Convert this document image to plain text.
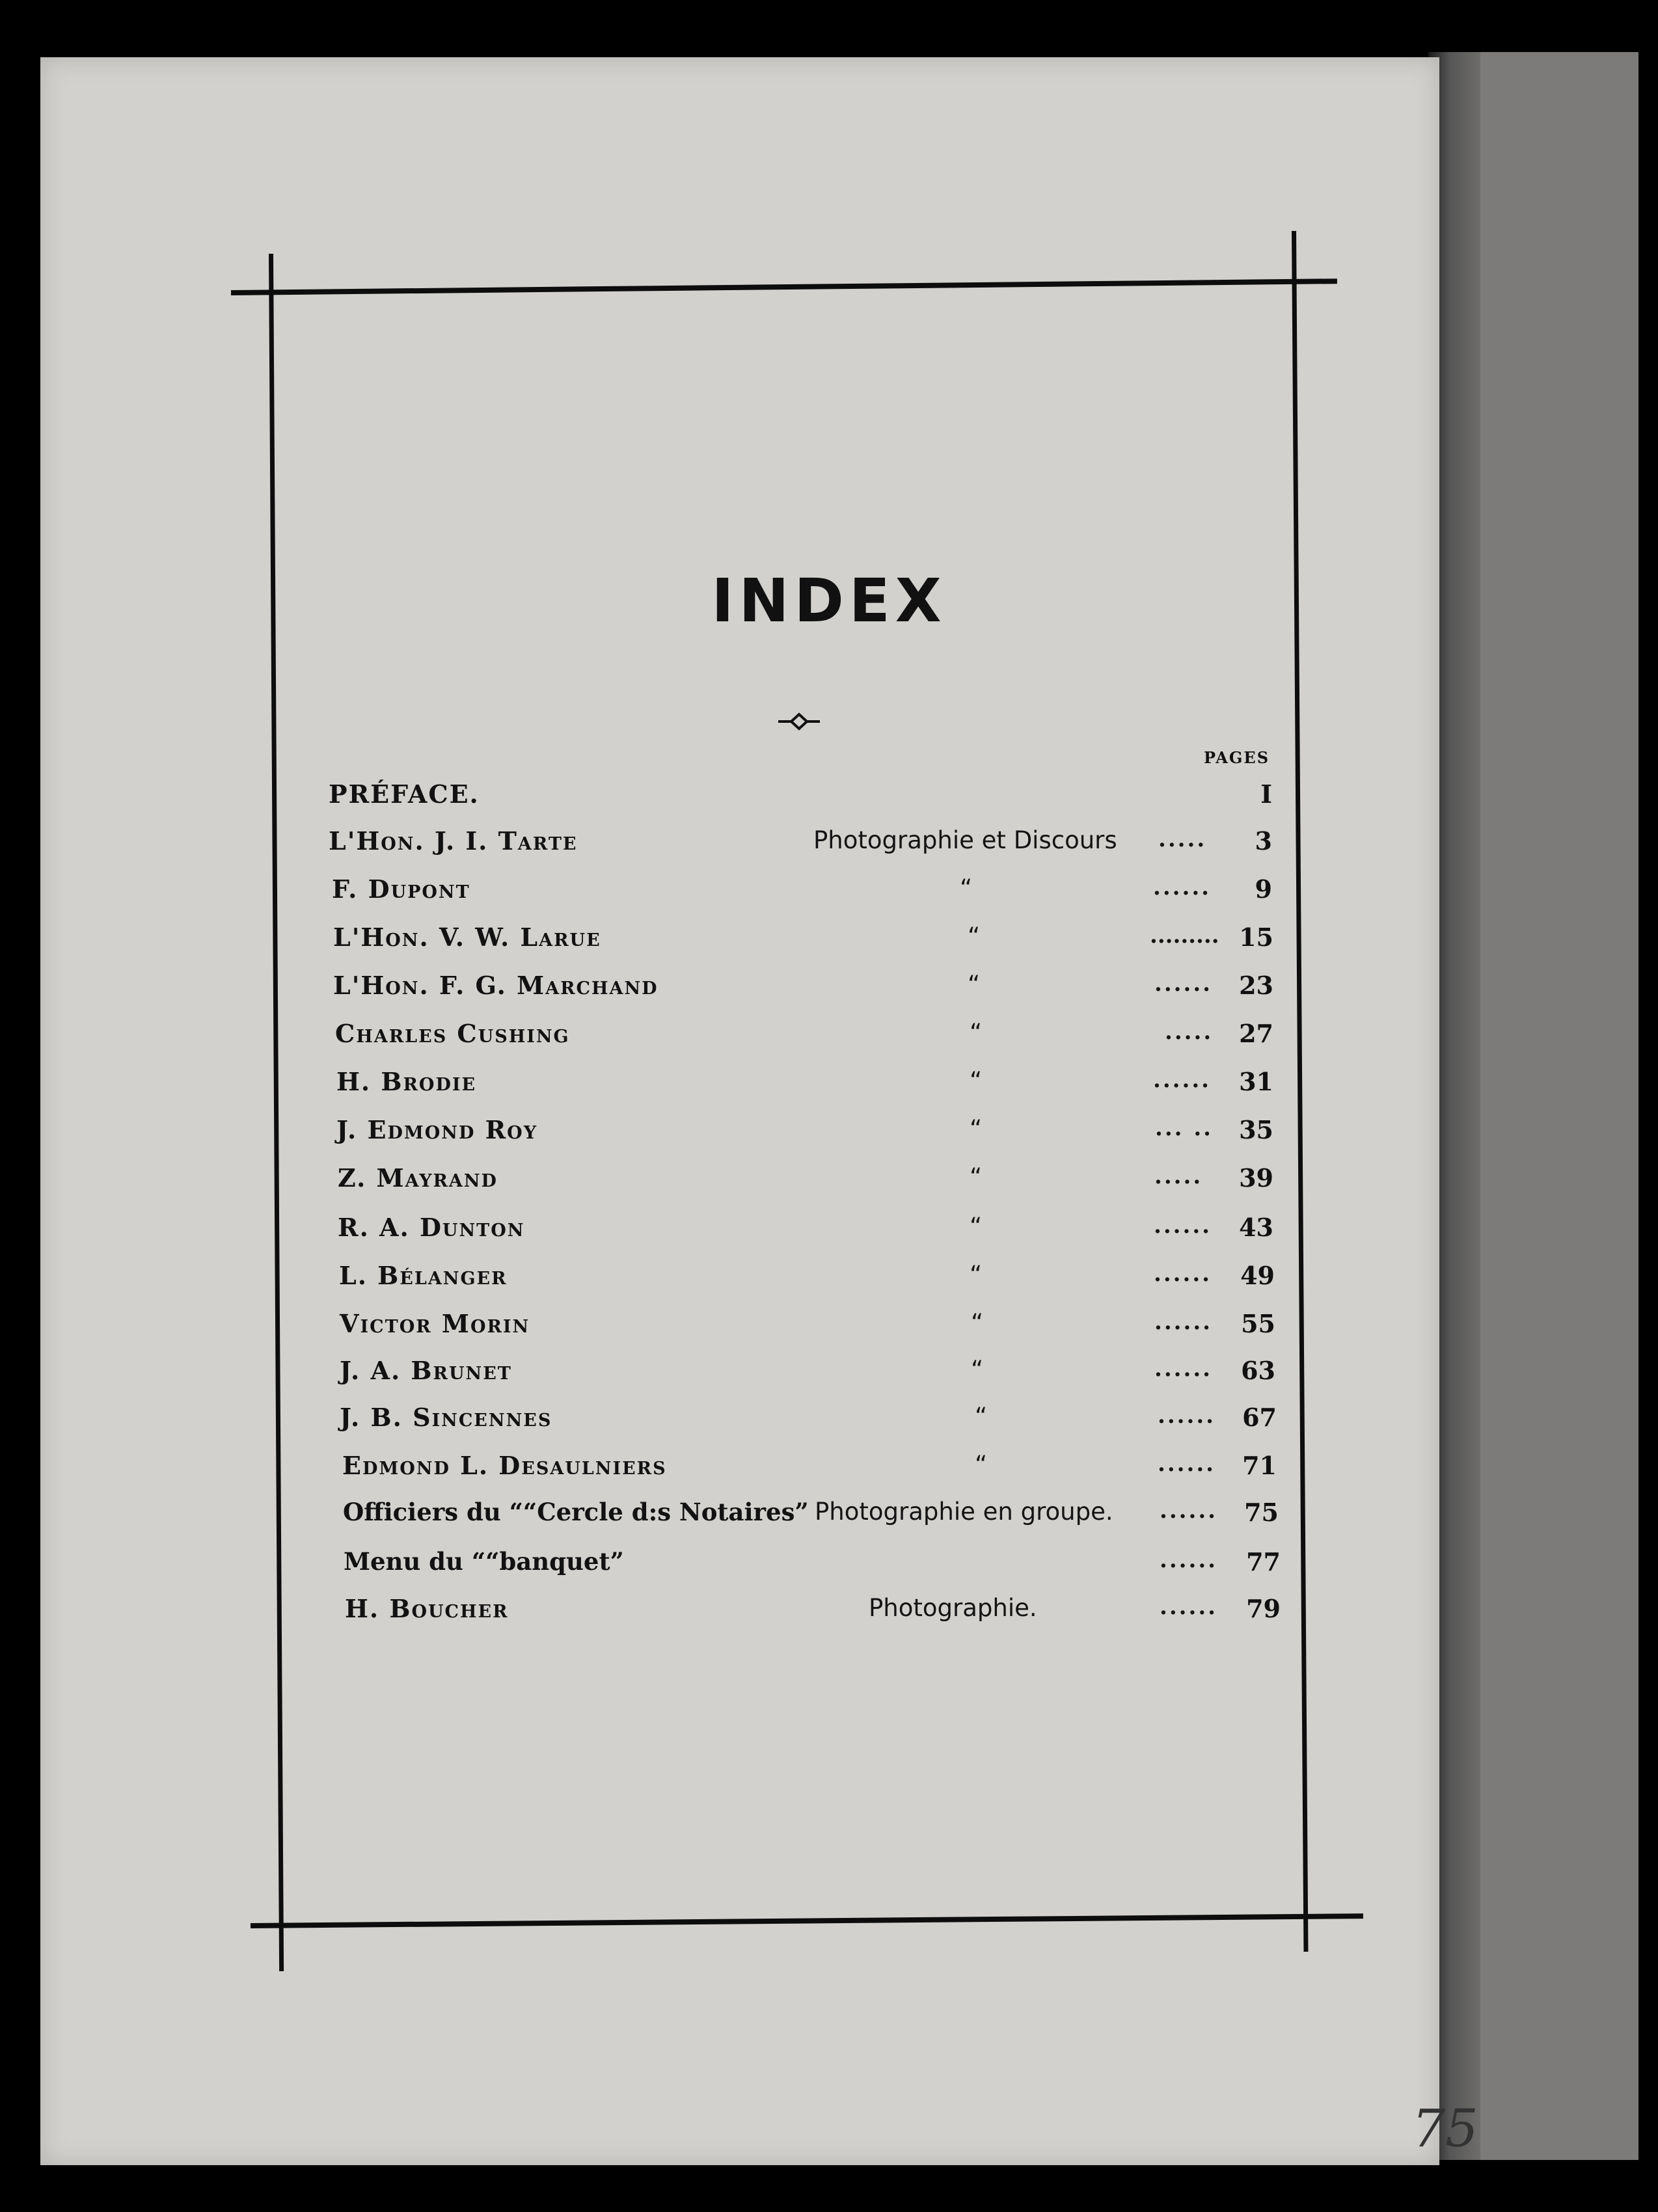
INDEX
PAGES
PRÉFACE.	I
L'Hon. J. I. Tarte	Photographie et Discours .....	3
F. Dupont	“	......	9
L'Hon. V. W. Larue	“	......... 15
L'Hon. F. G. Marchand	“	......	23
Charles Cushing	“	.....	27
H. Brodie	“	......	31
J. Edmond Roy	“	... ..	35
Z. Mayrand	“	.....	39
R. A. Dunton	“	......	43
L. Bélanger	“	......	49
Victor Morin	“	......	55
J. A. Brunet	“	......	63
J. B. Sincennes	“	......	67
Edmond L. Desaulniers	“	......	71
Officiers du ““Cercle d:s Notaires” Photographie en groupe. ......	75
Menu du ““banquet”	......	77
H. Boucher	Photographie.	......	79
75
